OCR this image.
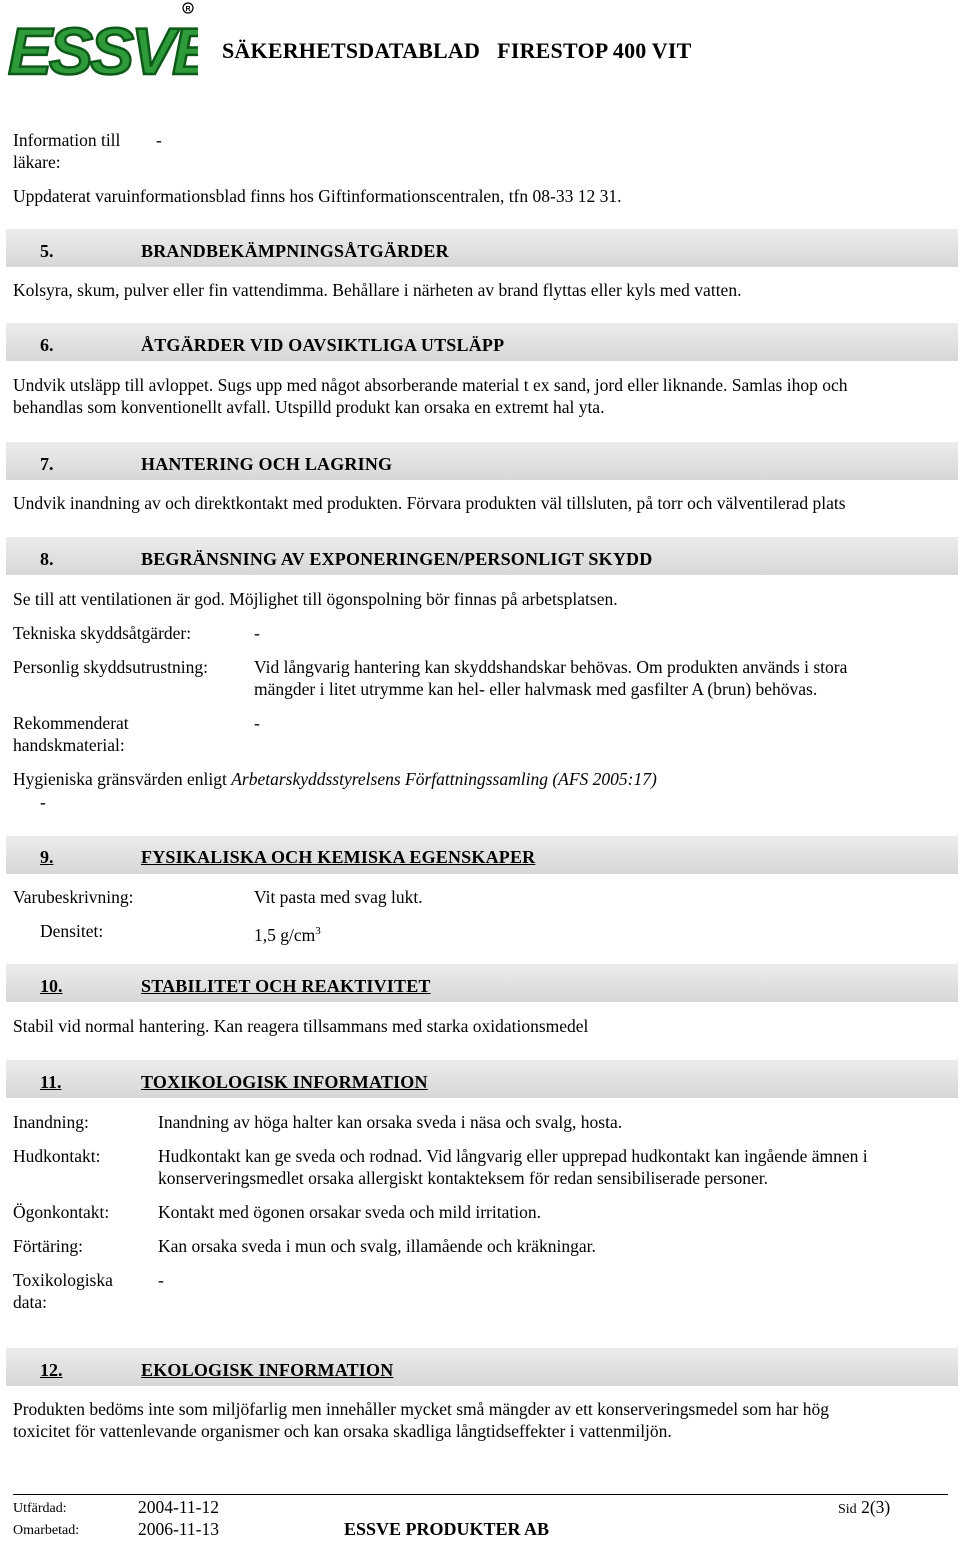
ESSVE
R
SÄKERHETSDATABLAD   FIRESTOP 400 VIT
Information till
läkare:
-
Uppdaterat varuinformationsblad finns hos Giftinformationscentralen, tfn 08-33 12 31.
5.	BRANDBEKÄMPNINGSÅTGÄRDER
Kolsyra, skum, pulver eller fin vattendimma. Behållare i närheten av brand flyttas eller kyls med vatten.
6.	ÅTGÄRDER VID OAVSIKTLIGA UTSLÄPP
Undvik utsläpp till avloppet. Sugs upp med något absorberande material t ex sand, jord eller liknande. Samlas ihop och
behandlas som konventionellt avfall. Utspilld produkt kan orsaka en extremt hal yta.
7.	HANTERING OCH LAGRING
Undvik inandning av och direktkontakt med produkten. Förvara produkten väl tillsluten, på torr och välventilerad plats
8.	BEGRÄNSNING AV EXPONERINGEN/PERSONLIGT SKYDD
Se till att ventilationen är god. Möjlighet till ögonspolning bör finnas på arbetsplatsen.
Tekniska skyddsåtgärder:	-
Personlig skyddsutrustning:	Vid långvarig hantering kan skyddshandskar behövas. Om produkten används i stora
mängder i litet utrymme kan hel- eller halvmask med gasfilter A (brun) behövas.
Rekommenderat
handskmaterial:
-
Hygieniska gränsvärden enligt Arbetarskyddsstyrelsens Författningssamling (AFS 2005:17)
-
9.	FYSIKALISKA OCH KEMISKA EGENSKAPER
Varubeskrivning:	Vit pasta med svag lukt.
Densitet:	1,5 $g/cm^3$
10.	STABILITET OCH REAKTIVITET
Stabil vid normal hantering. Kan reagera tillsammans med starka oxidationsmedel
11.	TOXIKOLOGISK INFORMATION
Inandning:	Inandning av höga halter kan orsaka sveda i näsa och svalg, hosta.
Hudkontakt:	Hudkontakt kan ge sveda och rodnad. Vid långvarig eller upprepad hudkontakt kan ingående ämnen i
konserveringsmedlet orsaka allergiskt kontakteksem för redan sensibiliserade personer.
Ögonkontakt:	Kontakt med ögonen orsakar sveda och mild irritation.
Förtäring:	Kan orsaka sveda i mun och svalg, illamående och kräkningar.
Toxikologiska
data:
-
12.	EKOLOGISK INFORMATION
Produkten bedöms inte som miljöfarlig men innehåller mycket små mängder av ett konserveringsmedel som har hög
toxicitet för vattenlevande organismer och kan orsaka skadliga långtidseffekter i vattenmiljön.
Utfärdad:	2004-11-12
Omarbetad:	2006-11-13	ESSVE PRODUKTER AB
Sid 2(3)
